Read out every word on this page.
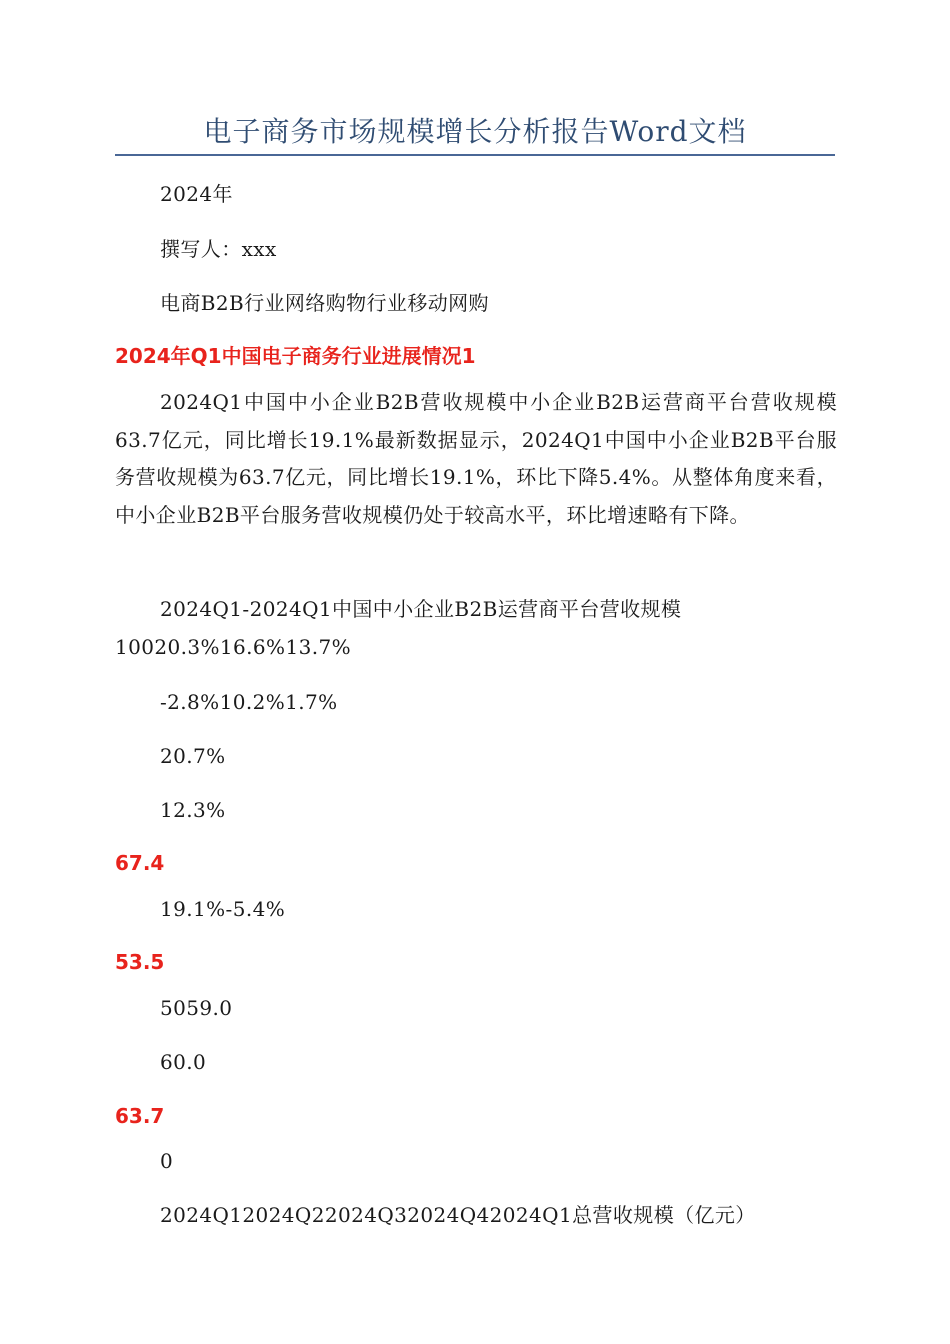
电子商务市场规模增长分析报告Word文档
2024年
撰写人：xxx
电商B2B行业网络购物行业移动网购
2024年Q1中国电子商务行业进展情况1
2024Q1中国中小企业B2B营收规模中小企业B2B运营商平台营收规模63.7亿元，同比增长19.1%最新数据显示，2024Q1中国中小企业B2B平台服务营收规模为63.7亿元，同比增长19.1%，环比下降5.4%。从整体角度来看，中小企业B2B平台服务营收规模仍处于较高水平，环比增速略有下降。
2024Q1-2024Q1中国中小企业B2B运营商平台营收规模
10020.3%16.6%13.7%
-2.8%10.2%1.7%
20.7%
12.3%
67.4
19.1%-5.4%
53.5
5059.0
60.0
63.7
0
2024Q12024Q22024Q32024Q42024Q1总营收规模（亿元）
